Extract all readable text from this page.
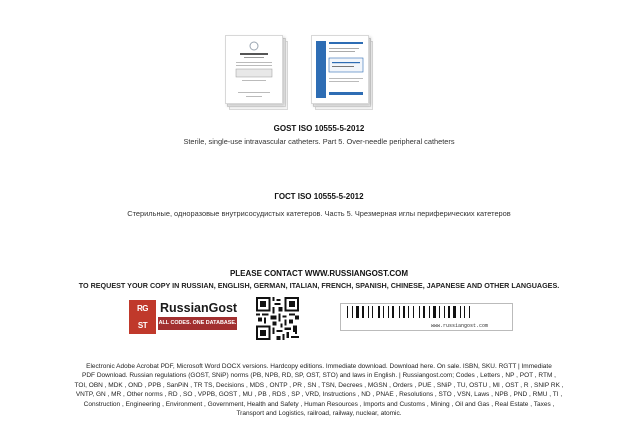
GOST ISO 10555-5-2012
Sterile, single-use intravascular catheters. Part 5. Over-needle peripheral catheters
ГОСТ ISO 10555-5-2012
Стерильные, одноразовые внутрисосудистых катетеров. Часть 5. Чрезмерная иглы периферических катетеров
PLEASE CONTACT WWW.RUSSIANGOST.COM
TO REQUEST YOUR COPY IN RUSSIAN, ENGLISH, GERMAN, ITALIAN, FRENCH, SPANISH, CHINESE, JAPANESE AND OTHER LANGUAGES.
RG
ST
RussianGost
ALL CODES. ONE DATABASE.	www.russiangost.com
Electronic Adobe Acrobat PDF, Microsoft Word DOCX versions. Hardcopy editions. Immediate download. Download here. On sale. ISBN, SKU. RGTT | Immediate
PDF Download. Russian regulations (GOST, SNiP) norms (PB, NPB, RD, SP, OST, STO) and laws in English. | Russiangost.com; Codes , Letters , NP , POT , RTM ,
TOI, OBN , MDK , OND , PPB , SanPiN , TR TS, Decisions , MDS , ONTP , PR , SN , TSN, Decrees , MGSN , Orders , PUE , SNiP , TU, OSTU , MI , OST , R , SNIP RK ,
VNTP, GN , MR , Other norms , RD , SO , VPPB, GOST , MU , PB , RDS , SP , VRD, Instructions , ND , PNAE , Resolutions , STO , VSN, Laws , NPB , PND , RMU , TI ,
Construction , Engineering , Environment , Government, Health and Safety , Human Resources , Imports and Customs , Mining , Oil and Gas , Real Estate , Taxes ,
Transport and Logistics, railroad, railway, nuclear, atomic.
